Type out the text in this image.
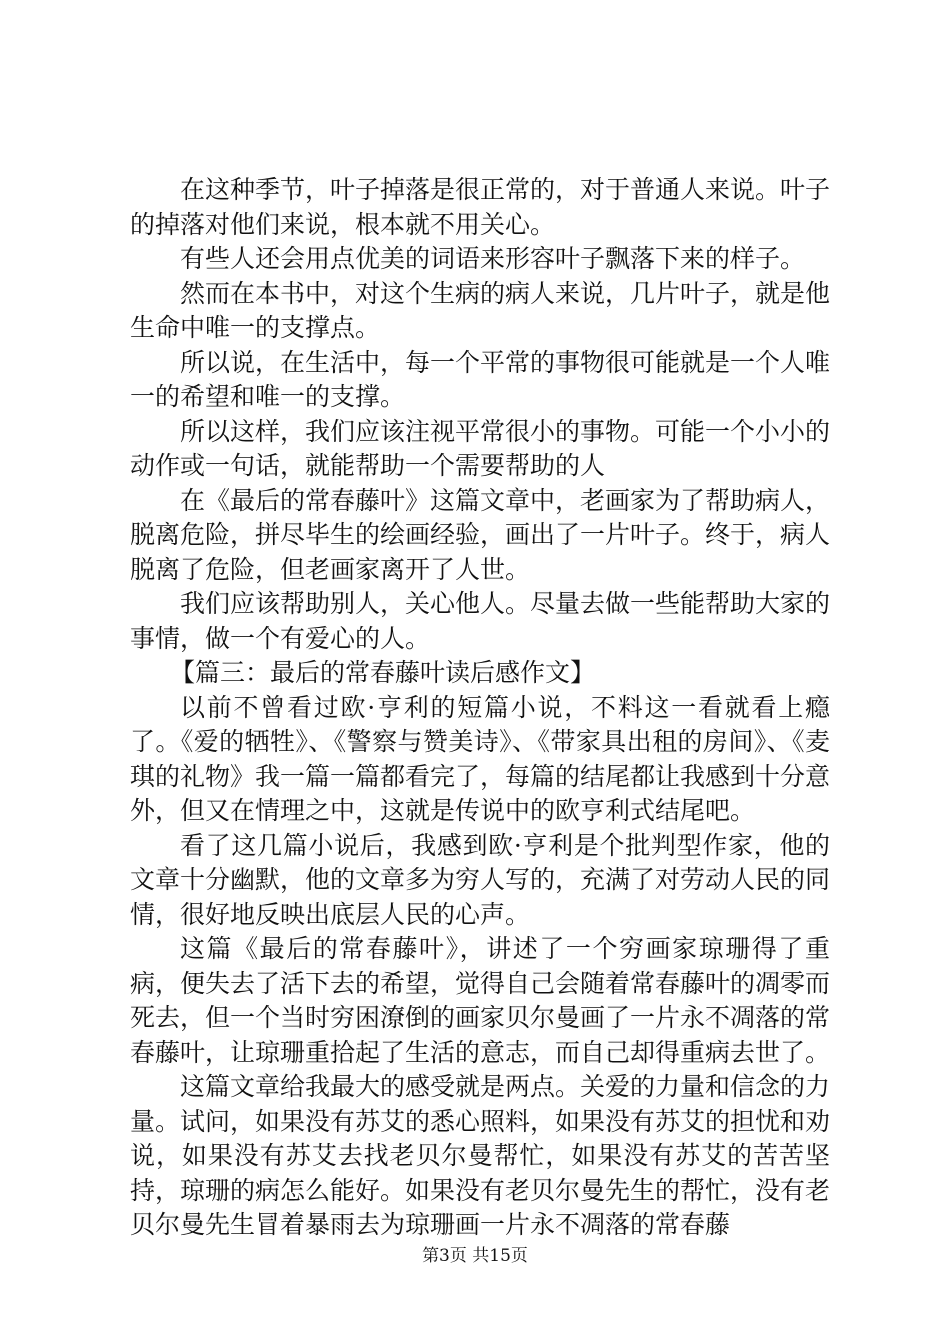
在这种季节，叶子掉落是很正常的，对于普通人来说。叶子的掉落对他们来说，根本就不用关心。

有些人还会用点优美的词语来形容叶子飘落下来的样子。

然而在本书中，对这个生病的病人来说，几片叶子，就是他生命中唯一的支撑点。

所以说，在生活中，每一个平常的事物很可能就是一个人唯一的希望和唯一的支撑。

所以这样，我们应该注视平常很小的事物。可能一个小小的动作或一句话，就能帮助一个需要帮助的人

在《最后的常春藤叶》这篇文章中，老画家为了帮助病人，脱离危险，拼尽毕生的绘画经验，画出了一片叶子。终于，病人脱离了危险，但老画家离开了人世。

我们应该帮助别人，关心他人。尽量去做一些能帮助大家的事情，做一个有爱心的人。

【篇三：最后的常春藤叶读后感作文】

以前不曾看过欧·亨利的短篇小说，不料这一看就看上瘾了。《爱的牺牲》、《警察与赞美诗》、《带家具出租的房间》、《麦琪的礼物》我一篇一篇都看完了，每篇的结尾都让我感到十分意外，但又在情理之中，这就是传说中的欧亨利式结尾吧。

看了这几篇小说后，我感到欧·亨利是个批判型作家，他的文章十分幽默，他的文章多为穷人写的，充满了对劳动人民的同情，很好地反映出底层人民的心声。

这篇《最后的常春藤叶》，讲述了一个穷画家琼珊得了重病，便失去了活下去的希望，觉得自己会随着常春藤叶的凋零而死去，但一个当时穷困潦倒的画家贝尔曼画了一片永不凋落的常春藤叶，让琼珊重拾起了生活的意志，而自己却得重病去世了。

这篇文章给我最大的感受就是两点。关爱的力量和信念的力量。试问，如果没有苏艾的悉心照料，如果没有苏艾的担忧和劝说，如果没有苏艾去找老贝尔曼帮忙，如果没有苏艾的苦苦坚持，琼珊的病怎么能好。如果没有老贝尔曼先生的帮忙，没有老贝尔曼先生冒着暴雨去为琼珊画一片永不凋落的常春藤

第3页 共15页
